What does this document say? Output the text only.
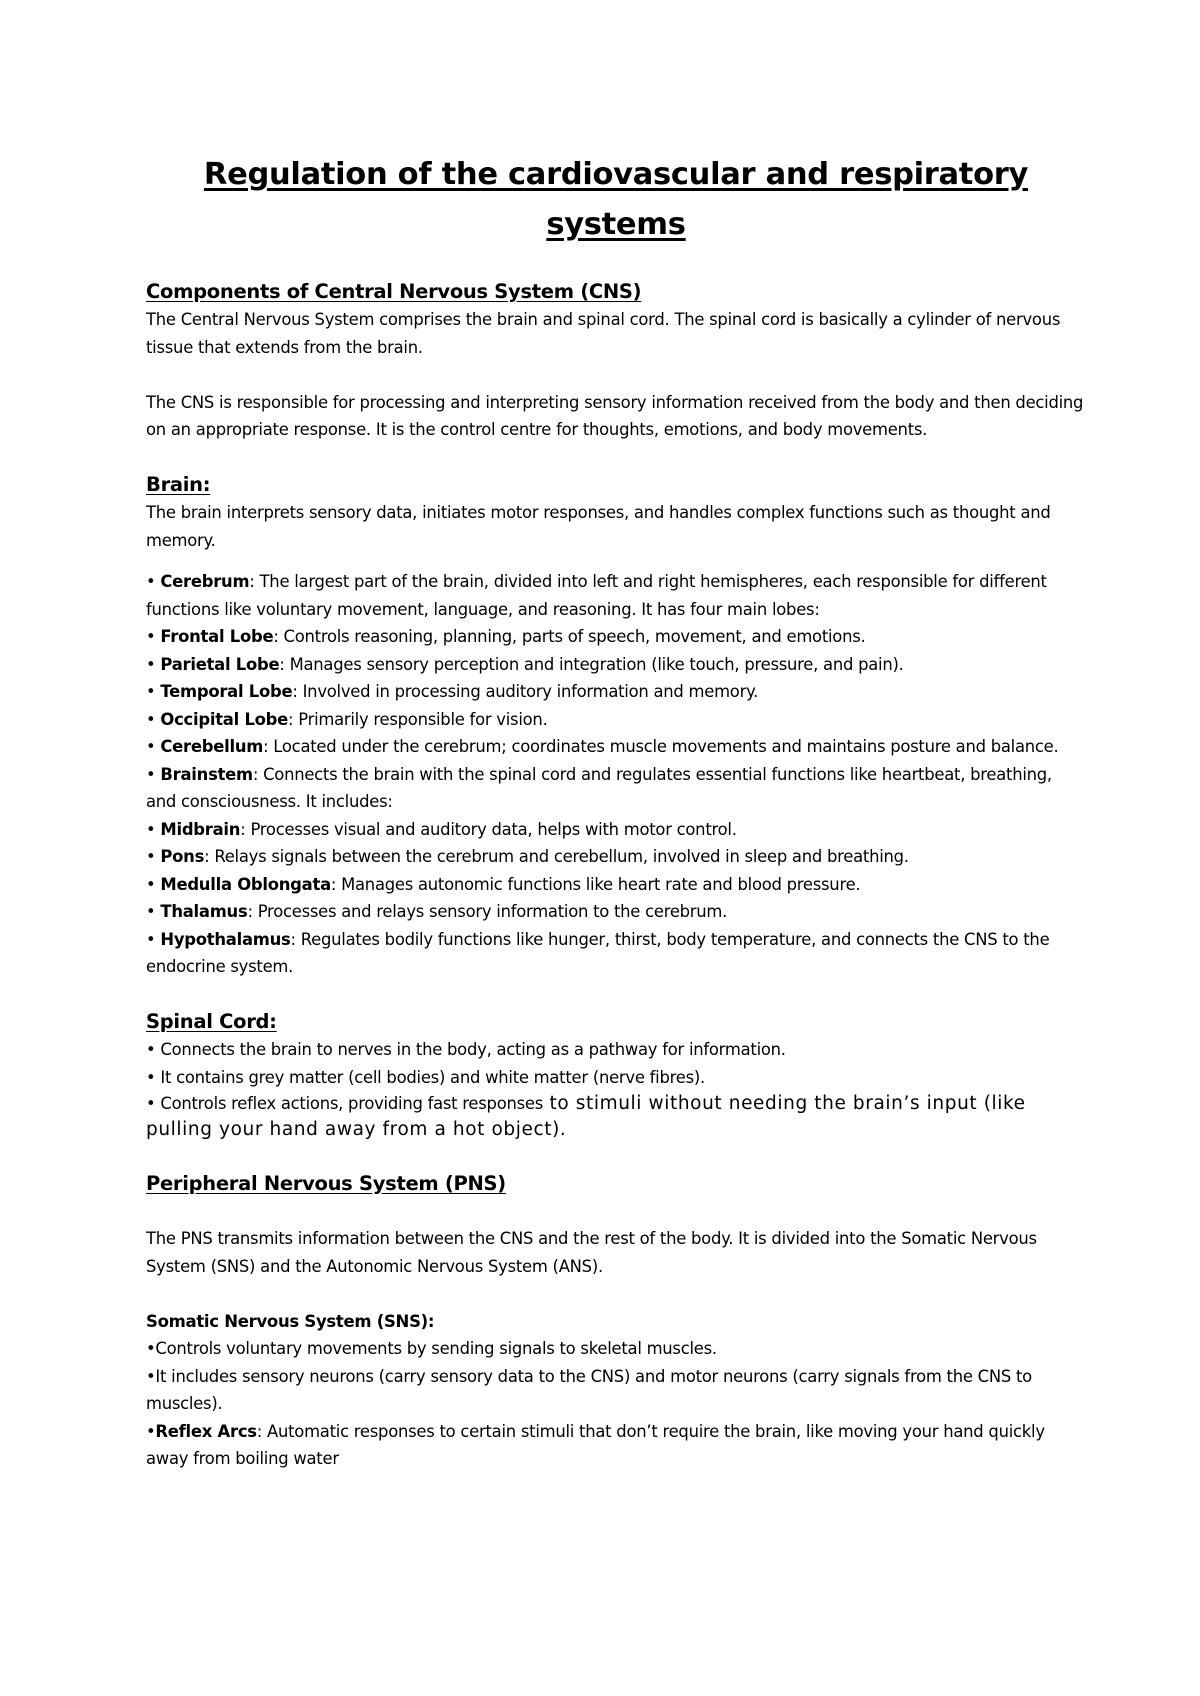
Regulation of the cardiovascular and respiratory systems
Components of Central Nervous System (CNS)

The Central Nervous System comprises the brain and spinal cord. The spinal cord is basically a cylinder of nervous tissue that extends from the brain.

The CNS is responsible for processing and interpreting sensory information received from the body and then deciding on an appropriate response. It is the control centre for thoughts, emotions, and body movements.

Brain:

The brain interprets sensory data, initiates motor responses, and handles complex functions such as thought and memory.

• Cerebrum: The largest part of the brain, divided into left and right hemispheres, each responsible for different functions like voluntary movement, language, and reasoning. It has four main lobes:

• Frontal Lobe: Controls reasoning, planning, parts of speech, movement, and emotions.

• Parietal Lobe: Manages sensory perception and integration (like touch, pressure, and pain).

• Temporal Lobe: Involved in processing auditory information and memory.

• Occipital Lobe: Primarily responsible for vision.

• Cerebellum: Located under the cerebrum; coordinates muscle movements and maintains posture and balance.

• Brainstem: Connects the brain with the spinal cord and regulates essential functions like heartbeat, breathing, and consciousness. It includes:

• Midbrain: Processes visual and auditory data, helps with motor control.

• Pons: Relays signals between the cerebrum and cerebellum, involved in sleep and breathing.

• Medulla Oblongata: Manages autonomic functions like heart rate and blood pressure.

• Thalamus: Processes and relays sensory information to the cerebrum.

• Hypothalamus: Regulates bodily functions like hunger, thirst, body temperature, and connects the CNS to the endocrine system.

Spinal Cord:

• Connects the brain to nerves in the body, acting as a pathway for information.

• It contains grey matter (cell bodies) and white matter (nerve fibres).

• Controls reflex actions, providing fast responses to stimuli without needing the brain’s input (like pulling your hand away from a hot object).

Peripheral Nervous System (PNS)

The PNS transmits information between the CNS and the rest of the body. It is divided into the Somatic Nervous System (SNS) and the Autonomic Nervous System (ANS).

Somatic Nervous System (SNS):

•Controls voluntary movements by sending signals to skeletal muscles.

•It includes sensory neurons (carry sensory data to the CNS) and motor neurons (carry signals from the CNS to muscles).

•Reflex Arcs: Automatic responses to certain stimuli that don’t require the brain, like moving your hand quickly away from boiling water
